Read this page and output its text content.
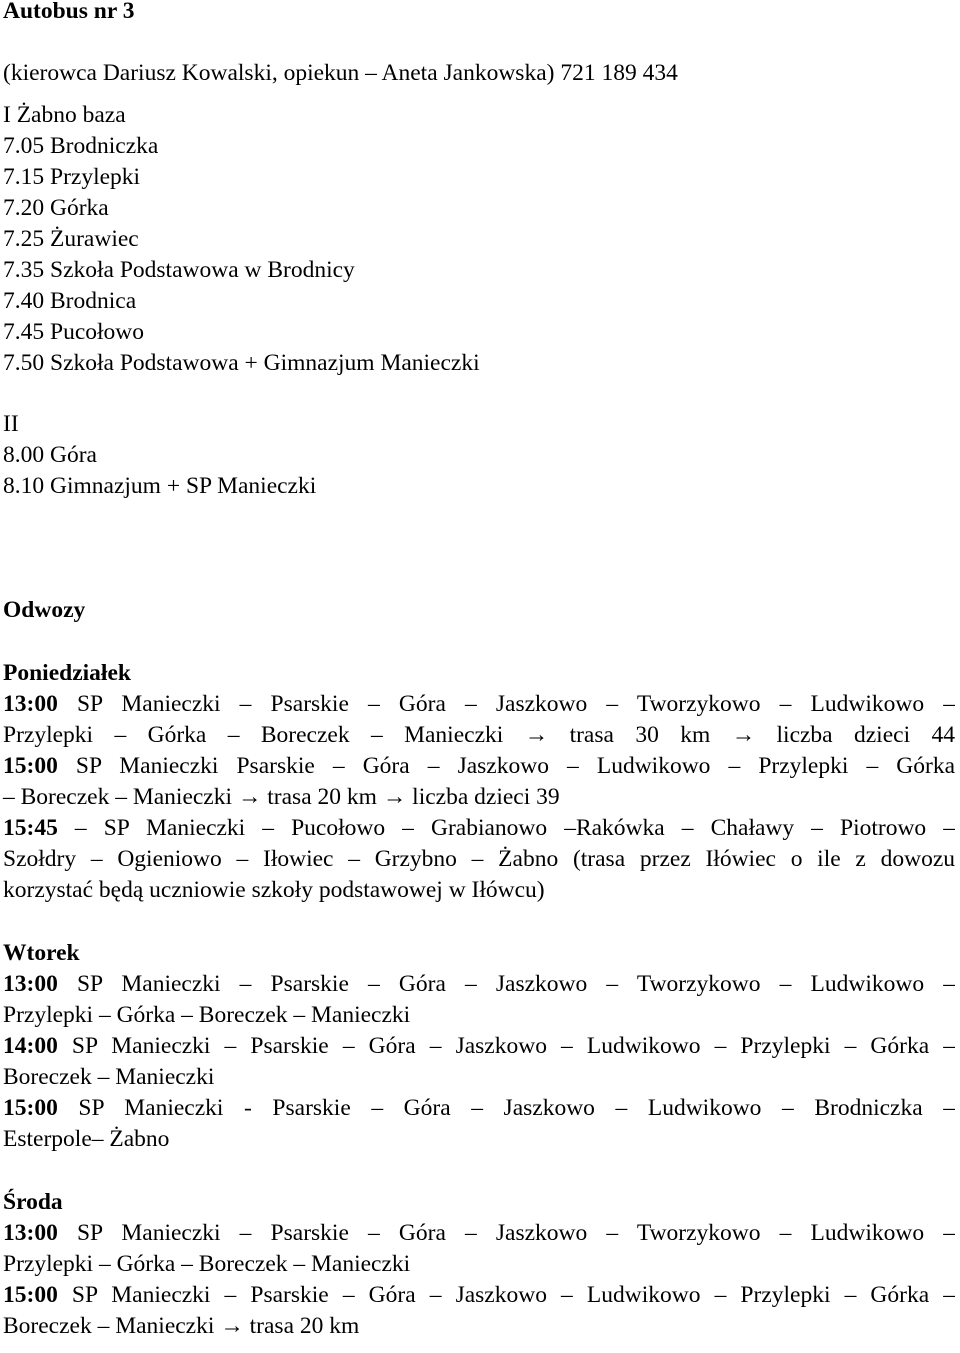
Autobus nr 3
(kierowca Dariusz Kowalski, opiekun – Aneta Jankowska) 721 189 434
I Żabno baza
7.05 Brodniczka
7.15 Przylepki
7.20 Górka
7.25 Żurawiec
7.35 Szkoła Podstawowa w Brodnicy
7.40 Brodnica
7.45 Pucołowo
7.50 Szkoła Podstawowa + Gimnazjum Manieczki
II
8.00 Góra
8.10 Gimnazjum + SP Manieczki
Odwozy
Poniedziałek
13:00 SP Manieczki – Psarskie – Góra – Jaszkowo – Tworzykowo – Ludwikowo –
Przylepki – Górka – Boreczek – Manieczki → trasa 30 km → liczba dzieci 44
15:00 SP Manieczki Psarskie – Góra – Jaszkowo – Ludwikowo – Przylepki – Górka
– Boreczek – Manieczki → trasa 20 km → liczba dzieci 39
15:45 – SP Manieczki – Pucołowo – Grabianowo –Rakówka – Chaławy – Piotrowo –
Szołdry – Ogieniowo – Iłowiec – Grzybno – Żabno (trasa przez Iłówiec o ile z dowozu
korzystać będą uczniowie szkoły podstawowej w Iłówcu)
Wtorek
13:00 SP Manieczki – Psarskie – Góra – Jaszkowo – Tworzykowo – Ludwikowo –
Przylepki – Górka – Boreczek – Manieczki
14:00 SP Manieczki – Psarskie – Góra – Jaszkowo – Ludwikowo – Przylepki – Górka –
Boreczek – Manieczki
15:00 SP Manieczki - Psarskie – Góra – Jaszkowo – Ludwikowo – Brodniczka –
Esterpole– Żabno
Środa
13:00 SP Manieczki – Psarskie – Góra – Jaszkowo – Tworzykowo – Ludwikowo –
Przylepki – Górka – Boreczek – Manieczki
15:00 SP Manieczki – Psarskie – Góra – Jaszkowo – Ludwikowo – Przylepki – Górka –
Boreczek – Manieczki → trasa 20 km
